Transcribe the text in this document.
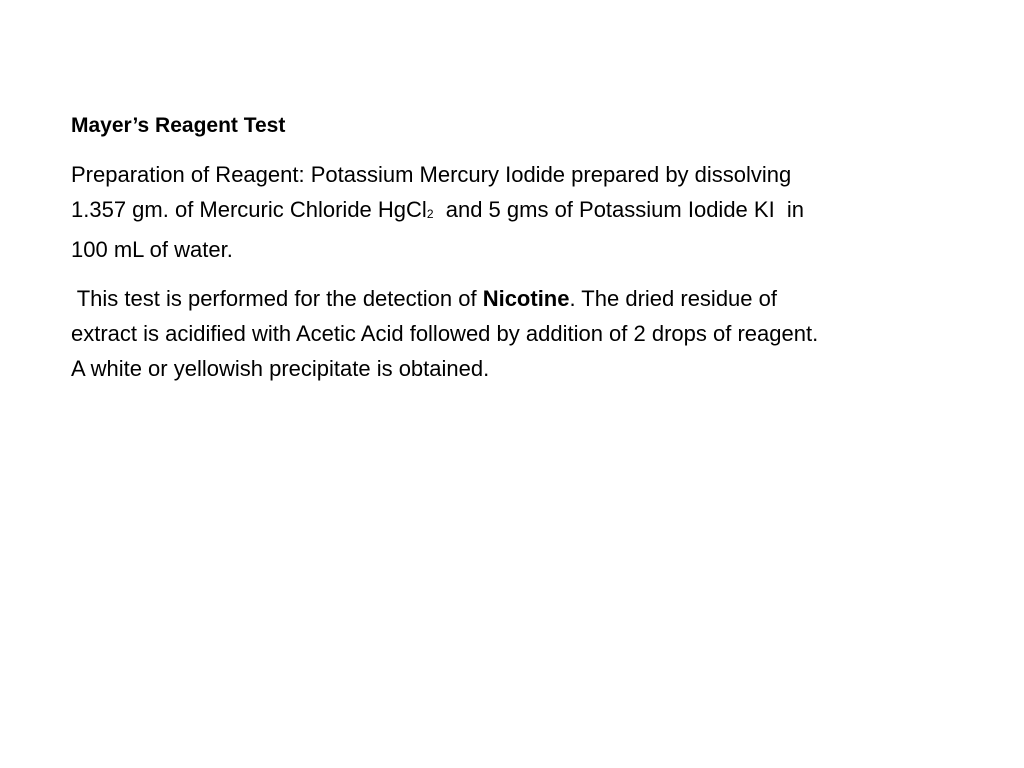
Mayer’s Reagent Test
Preparation of Reagent: Potassium Mercury Iodide prepared by dissolving
1.357 gm. of Mercuric Chloride HgCl2  and 5 gms of Potassium Iodide KI  in
100 mL of water.
This test is performed for the detection of Nicotine. The dried residue of
extract is acidified with Acetic Acid followed by addition of 2 drops of reagent.
A white or yellowish precipitate is obtained.
